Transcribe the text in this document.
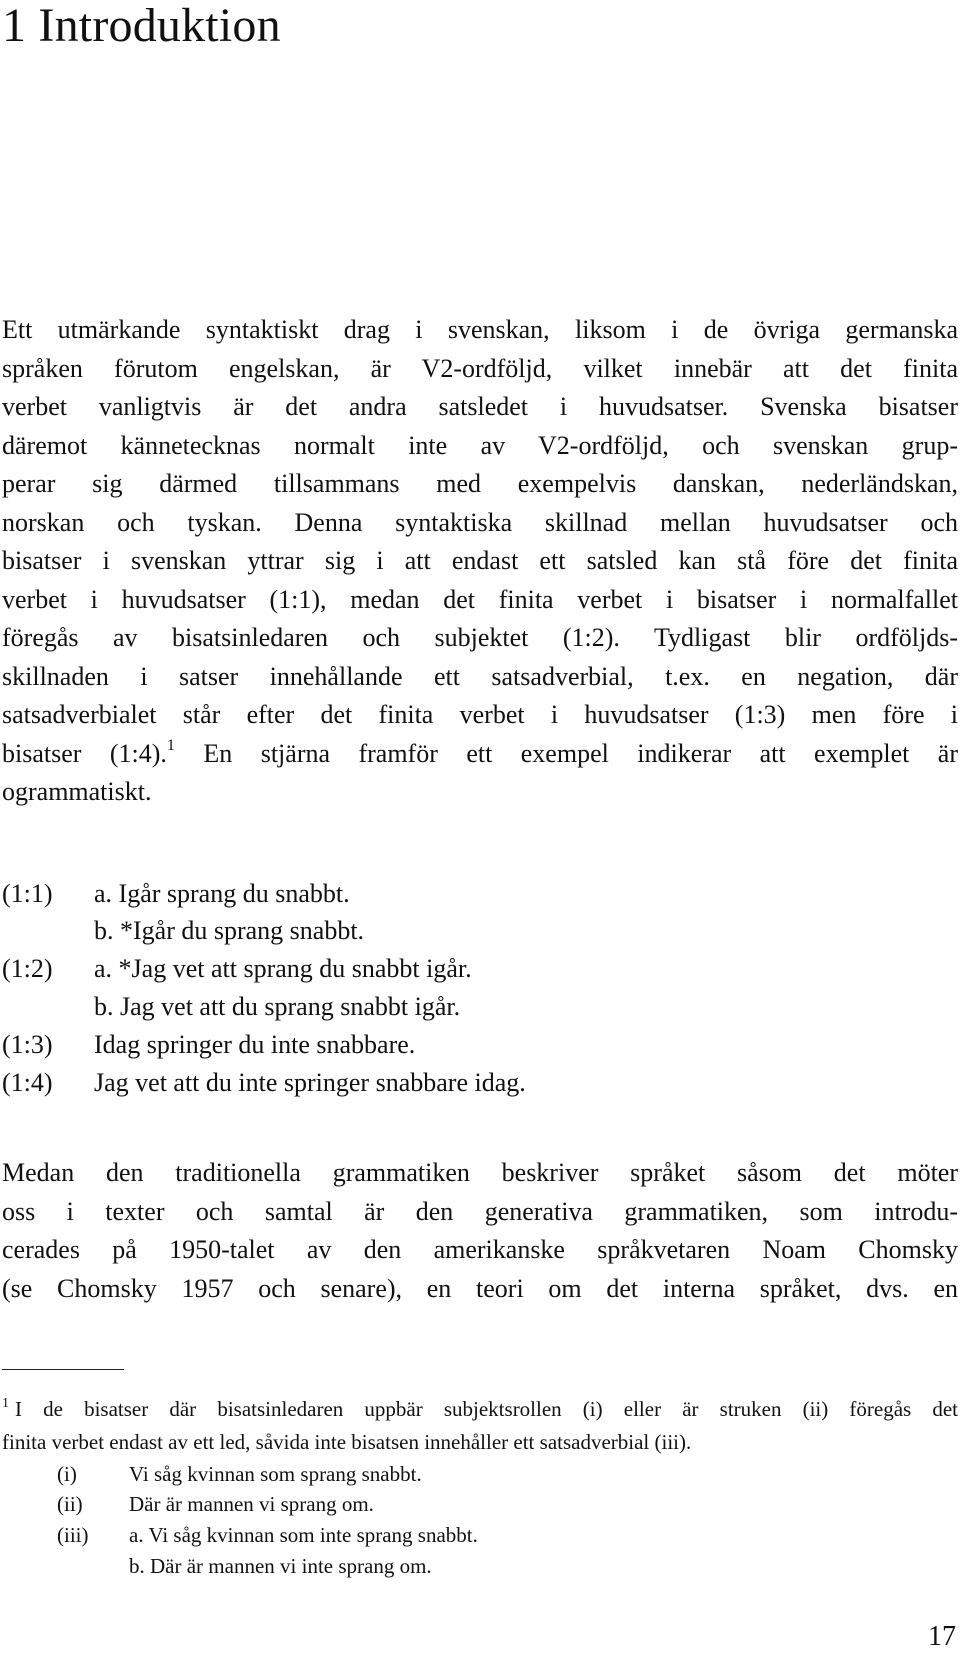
1 Introduktion
Ett utmärkande syntaktiskt drag i svenskan, liksom i de övriga germanska
språken förutom engelskan, är V2-ordföljd, vilket innebär att det finita
verbet vanligtvis är det andra satsledet i huvudsatser. Svenska bisatser
däremot kännetecknas normalt inte av V2-ordföljd, och svenskan grup-
perar sig därmed tillsammans med exempelvis danskan, nederländskan,
norskan och tyskan. Denna syntaktiska skillnad mellan huvudsatser och
bisatser i svenskan yttrar sig i att endast ett satsled kan stå före det finita
verbet i huvudsatser (1:1), medan det finita verbet i bisatser i normalfallet
föregås av bisatsinledaren och subjektet (1:2). Tydligast blir ordföljds-
skillnaden i satser innehållande ett satsadverbial, t.ex. en negation, där
satsadverbialet står efter det finita verbet i huvudsatser (1:3) men före i
bisatser (1:4).$^1$ En stjärna framför ett exempel indikerar att exemplet är
ogrammatiskt.
(1:1) a. Igår sprang du snabbt.
b. *Igår du sprang snabbt.
(1:2) a. *Jag vet att sprang du snabbt igår.
b. Jag vet att du sprang snabbt igår.
(1:3) Idag springer du inte snabbare.
(1:4) Jag vet att du inte springer snabbare idag.
Medan den traditionella grammatiken beskriver språket såsom det möter
oss i texter och samtal är den generativa grammatiken, som introdu-
cerades på 1950-talet av den amerikanske språkvetaren Noam Chomsky
(se Chomsky 1957 och senare), en teori om det interna språket, dvs. en
$^1$ I de bisatser där bisatsinledaren uppbär subjektsrollen (i) eller är struken (ii) föregås det
finita verbet endast av ett led, såvida inte bisatsen innehåller ett satsadverbial (iii).
(i) Vi såg kvinnan som sprang snabbt.
(ii) Där är mannen vi sprang om.
(iii) a. Vi såg kvinnan som inte sprang snabbt.
b. Där är mannen vi inte sprang om.
17
